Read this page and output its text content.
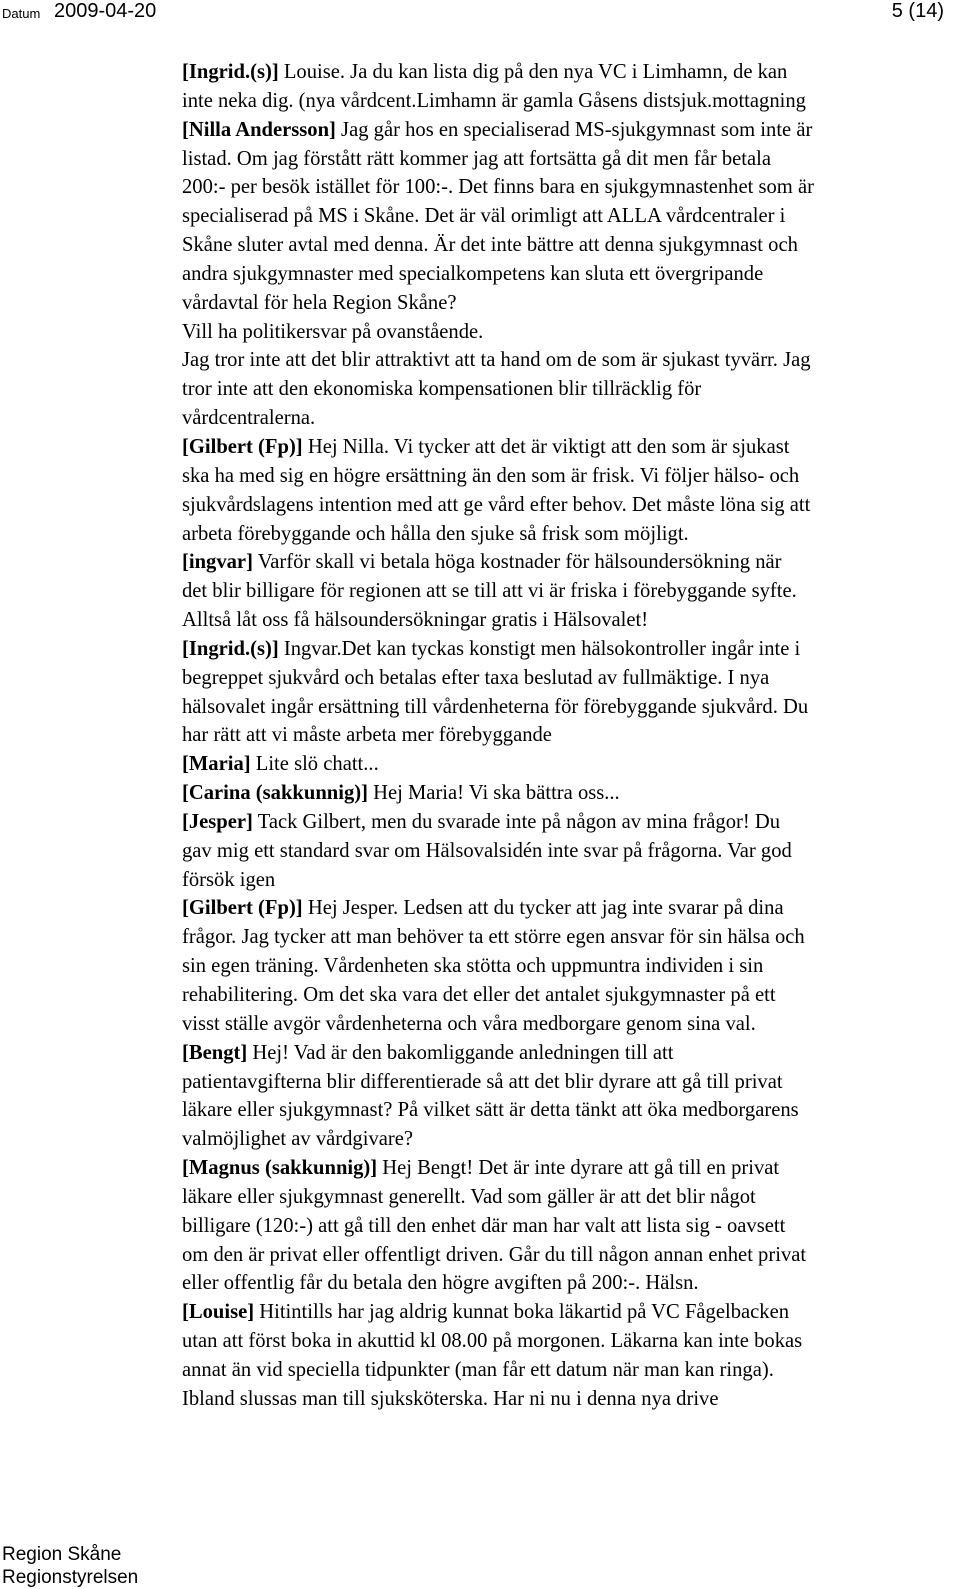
Datum 2009-04-20	5 (14)
[Ingrid.(s)] Louise. Ja du kan lista dig på den nya VC i Limhamn, de kan
inte neka dig. (nya vårdcent.Limhamn är gamla Gåsens distsjuk.mottagning
[Nilla Andersson] Jag går hos en specialiserad MS-sjukgymnast som inte är
listad. Om jag förstått rätt kommer jag att fortsätta gå dit men får betala
200:- per besök istället för 100:-. Det finns bara en sjukgymnastenhet som är
specialiserad på MS i Skåne. Det är väl orimligt att ALLA vårdcentraler i
Skåne sluter avtal med denna. Är det inte bättre att denna sjukgymnast och
andra sjukgymnaster med specialkompetens kan sluta ett övergripande
vårdavtal för hela Region Skåne?
Vill ha politikersvar på ovanstående.
Jag tror inte att det blir attraktivt att ta hand om de som är sjukast tyvärr. Jag
tror inte att den ekonomiska kompensationen blir tillräcklig för
vårdcentralerna.
[Gilbert (Fp)] Hej Nilla. Vi tycker att det är viktigt att den som är sjukast
ska ha med sig en högre ersättning än den som är frisk. Vi följer hälso- och
sjukvårdslagens intention med att ge vård efter behov. Det måste löna sig att
arbeta förebyggande och hålla den sjuke så frisk som möjligt.
[ingvar] Varför skall vi betala höga kostnader för hälsoundersökning när
det blir billigare för regionen att se till att vi är friska i förebyggande syfte.
Alltså låt oss få hälsoundersökningar gratis i Hälsovalet!
[Ingrid.(s)] Ingvar.Det kan tyckas konstigt men hälsokontroller ingår inte i
begreppet sjukvård och betalas efter taxa beslutad av fullmäktige. I nya
hälsovalet ingår ersättning till vårdenheterna för förebyggande sjukvård. Du
har rätt att vi måste arbeta mer förebyggande
[Maria] Lite slö chatt...
[Carina (sakkunnig)] Hej Maria! Vi ska bättra oss...
[Jesper] Tack Gilbert, men du svarade inte på någon av mina frågor! Du
gav mig ett standard svar om Hälsovalsidén inte svar på frågorna. Var god
försök igen
[Gilbert (Fp)] Hej Jesper. Ledsen att du tycker att jag inte svarar på dina
frågor. Jag tycker att man behöver ta ett större egen ansvar för sin hälsa och
sin egen träning. Vårdenheten ska stötta och uppmuntra individen i sin
rehabilitering. Om det ska vara det eller det antalet sjukgymnaster på ett
visst ställe avgör vårdenheterna och våra medborgare genom sina val.
[Bengt] Hej! Vad är den bakomliggande anledningen till att
patientavgifterna blir differentierade så att det blir dyrare att gå till privat
läkare eller sjukgymnast? På vilket sätt är detta tänkt att öka medborgarens
valmöjlighet av vårdgivare?
[Magnus (sakkunnig)] Hej Bengt! Det är inte dyrare att gå till en privat
läkare eller sjukgymnast generellt. Vad som gäller är att det blir något
billigare (120:-) att gå till den enhet där man har valt att lista sig - oavsett
om den är privat eller offentligt driven. Går du till någon annan enhet privat
eller offentlig får du betala den högre avgiften på 200:-. Hälsn.
[Louise] Hitintills har jag aldrig kunnat boka läkartid på VC Fågelbacken
utan att först boka in akuttid kl 08.00 på morgonen. Läkarna kan inte bokas
annat än vid speciella tidpunkter (man får ett datum när man kan ringa).
Ibland slussas man till sjuksköterska. Har ni nu i denna nya drive
Region Skåne
Regionstyrelsen
